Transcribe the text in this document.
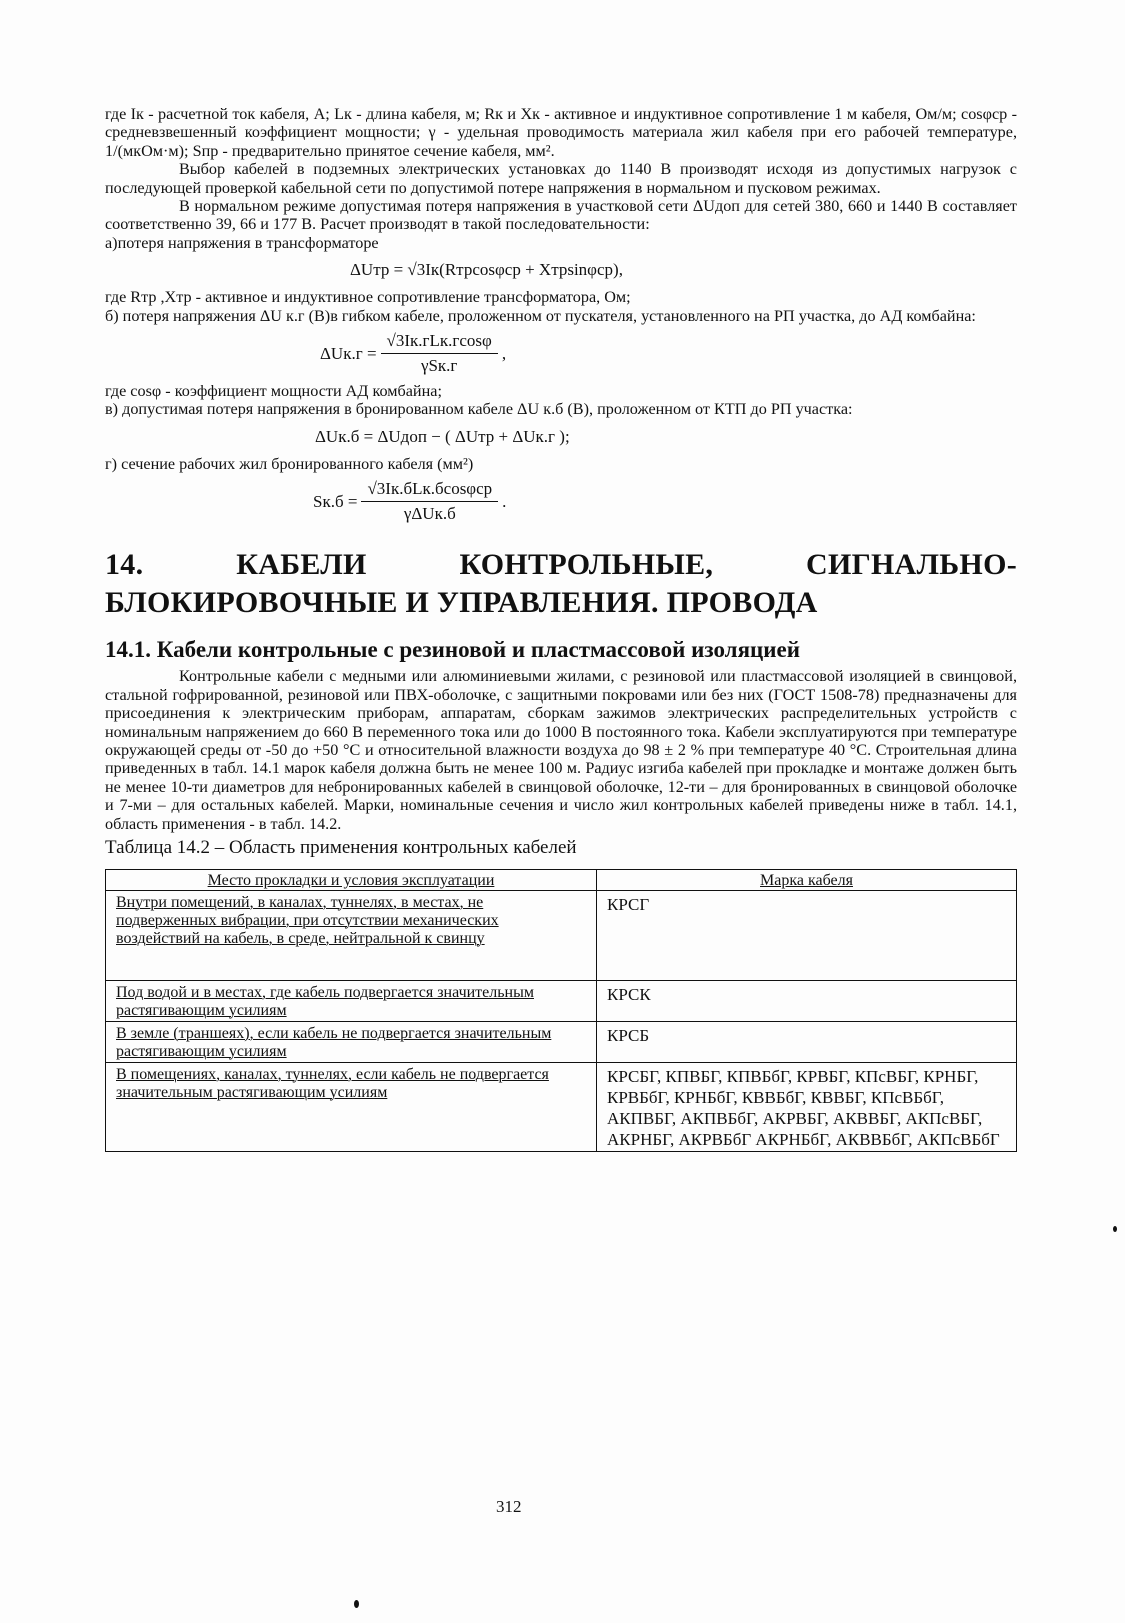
где Iк - расчетной ток кабеля, А; Lк - длина кабеля, м; Rк и Xк - активное и индуктивное сопротивление 1 м кабеля, Ом/м; cosφср - средневзвешенный коэффициент мощности; γ - удельная проводимость материала жил кабеля при его рабочей температуре, 1/(мкОм·м); Sпр - предварительно принятое сечение кабеля, мм².

Выбор кабелей в подземных электрических установках до 1140 В производят исходя из допустимых нагрузок с последующей проверкой кабельной сети по допустимой потере напряжения в нормальном и пусковом режимах.

В нормальном режиме допустимая потеря напряжения в участковой сети ΔUдоп для сетей 380, 660 и 1440 В составляет соответственно 39, 66 и 177 В. Расчет производят в такой последовательности:

а)потеря напряжения в трансформаторе

ΔUтр = √3Iк(Rтрcosφср + Xтрsinφср),

где Rтр ,Xтр - активное и индуктивное сопротивление трансформатора, Ом;

б) потеря напряжения ΔU к.г (В)в гибком кабеле, проложенном от пускателя, установленного на РП участка, до АД комбайна:

$\Delta Uк.г = \frac{\text{√3Iк.гLк.гcosφ}}{\text{γSк.г}}$ ,

где cosφ - коэффициент мощности АД комбайна;

в) допустимая потеря напряжения в бронированном кабеле ΔU к.б (В), проложенном от КТП до РП участка:

ΔUк.б = ΔUдоп − ( ΔUтр + ΔUк.г );

г) сечение рабочих жил бронированного кабеля (мм²)

$Sк.б = \frac{\text{√3Iк.бLк.бcosφср}}{\text{γΔUк.б}}$ .
14. КАБЕЛИ КОНТРОЛЬНЫЕ, СИГНАЛЬНО-БЛОКИРОВОЧНЫЕ И УПРАВЛЕНИЯ. ПРОВОДА
14.1. Кабели контрольные с резиновой и пластмассовой изоляцией

Контрольные кабели с медными или алюминиевыми жилами, с резиновой или пластмассовой изоляцией в свинцовой, стальной гофрированной, резиновой или ПВХ-оболочке, с защитными покровами или без них (ГОСТ 1508-78) предназначены для присоединения к электрическим приборам, аппаратам, сборкам зажимов электрических распределительных устройств с номинальным напряжением до 660 В переменного тока или до 1000 В постоянного тока. Кабели эксплуатируются при температуре окружающей среды от -50 до +50 °С и относительной влажности воздуха до 98 ± 2 % при температуре 40 °С. Строительная длина приведенных в табл. 14.1 марок кабеля должна быть не менее 100 м. Радиус изгиба кабелей при прокладке и монтаже должен быть не менее 10-ти диаметров для небронированных кабелей в свинцовой оболочке, 12-ти – для бронированных в свинцовой оболочке и 7-ми – для остальных кабелей. Марки, номинальные сечения и число жил контрольных кабелей приведены ниже в табл. 14.1, область применения - в табл. 14.2.

Таблица 14.2 – Область применения контрольных кабелей
Место прокладки и условия эксплуатации	Марка кабеля
Внутри помещений, в каналах, туннелях, в местах, не подверженных вибрации, при отсутствии механических воздействий на кабель, в среде, нейтральной к свинцу	КРСГ
Под водой и в местах, где кабель подвергается значительным растягивающим усилиям	КРСК
В земле (траншеях), если кабель не подвергается значительным растягивающим усилиям	КРСБ
В помещениях, каналах, туннелях, если кабель не подвергается значительным растягивающим усилиям	КРСБГ, КПВБГ, КПВБбГ, КРВБГ, КПсВБГ, КРНБГ, КРВБбГ, КРНБбГ, КВВБбГ, КВВБГ, КПсВБбГ, АКПВБГ, АКПВБбГ, АКРВБГ, АКВВБГ, АКПсВБГ, АКРНБГ, АКРВБбГ АКРНБбГ, АКВВБбГ, АКПсВБбГ
312
